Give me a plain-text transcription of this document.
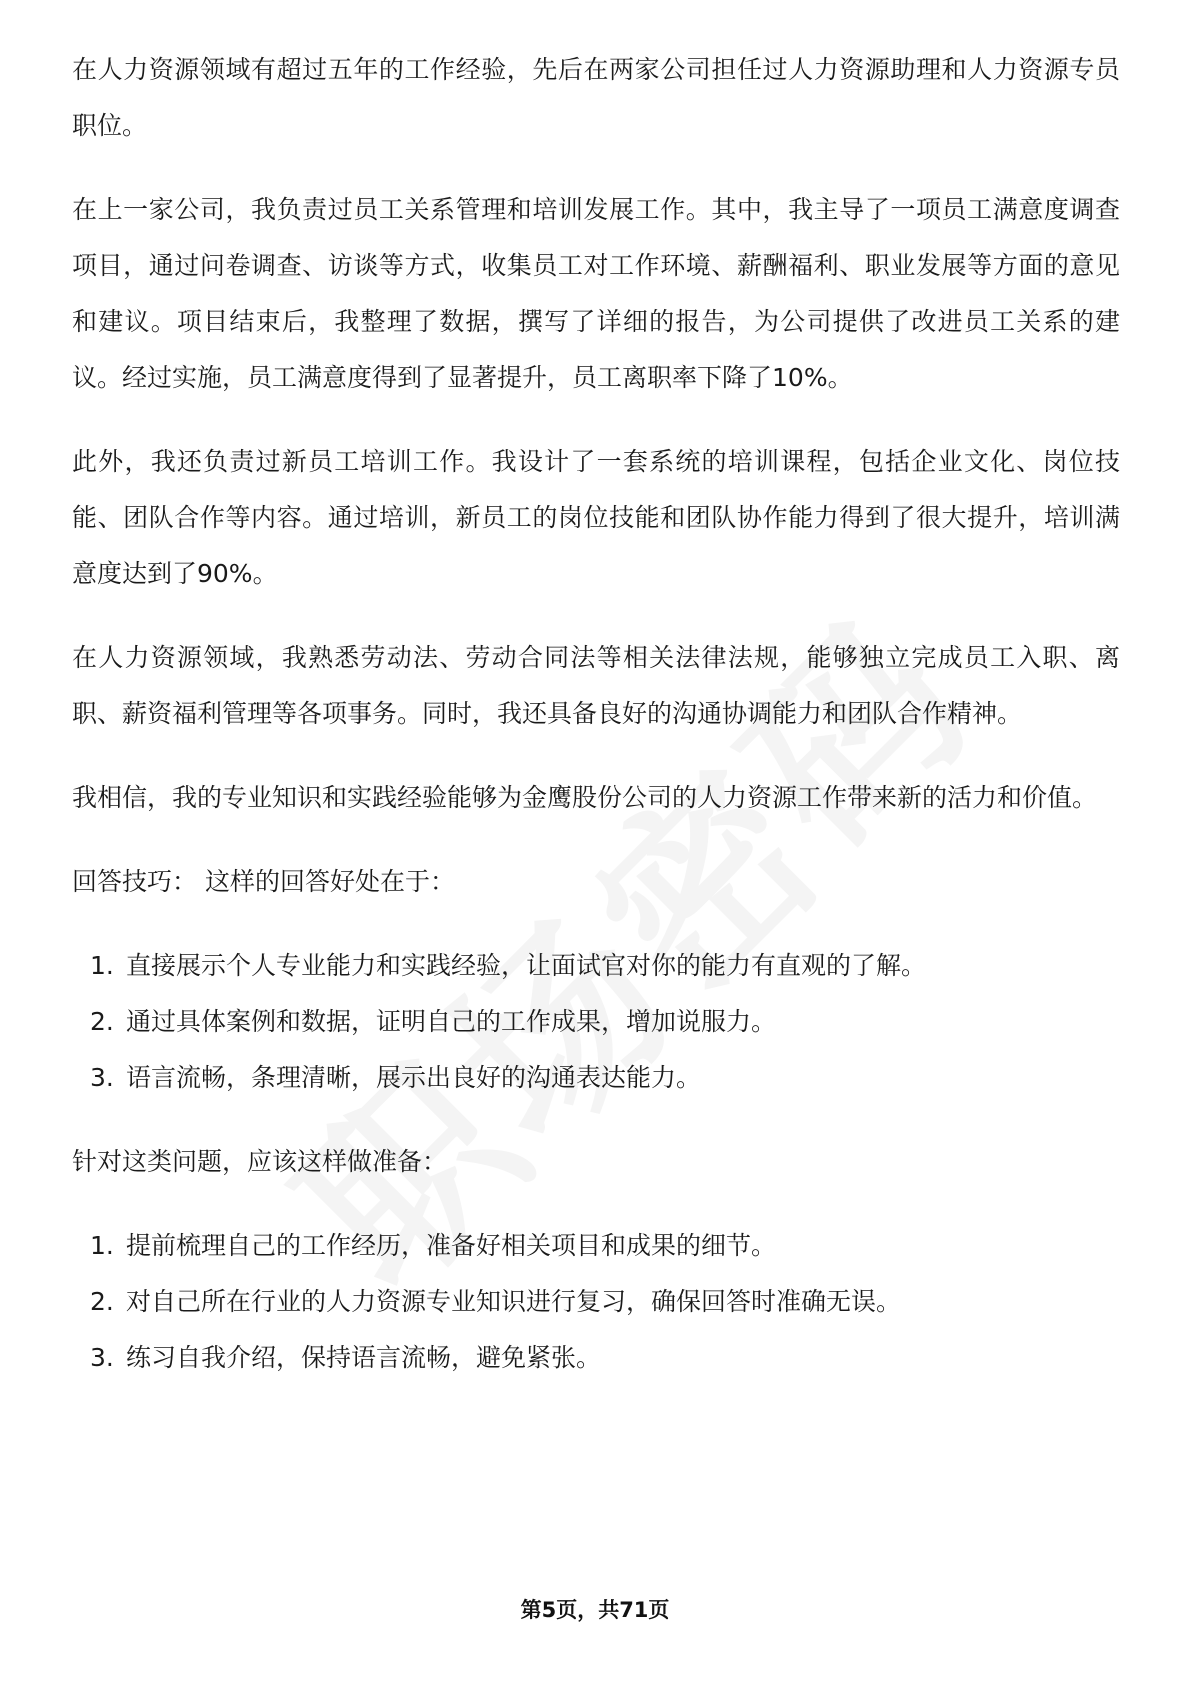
在人力资源领域有超过五年的工作经验，先后在两家公司担任过人力资源助理和人力资源专员职位。

在上一家公司，我负责过员工关系管理和培训发展工作。其中，我主导了一项员工满意度调查项目，通过问卷调查、访谈等方式，收集员工对工作环境、薪酬福利、职业发展等方面的意见和建议。项目结束后，我整理了数据，撰写了详细的报告，为公司提供了改进员工关系的建议。经过实施，员工满意度得到了显著提升，员工离职率下降了10%。

此外，我还负责过新员工培训工作。我设计了一套系统的培训课程，包括企业文化、岗位技能、团队合作等内容。通过培训，新员工的岗位技能和团队协作能力得到了很大提升，培训满意度达到了90%。

在人力资源领域，我熟悉劳动法、劳动合同法等相关法律法规，能够独立完成员工入职、离职、薪资福利管理等各项事务。同时，我还具备良好的沟通协调能力和团队合作精神。

我相信，我的专业知识和实践经验能够为金鹰股份公司的人力资源工作带来新的活力和价值。

回答技巧： 这样的回答好处在于：

1. 直接展示个人专业能力和实践经验，让面试官对你的能力有直观的了解。
2. 通过具体案例和数据，证明自己的工作成果，增加说服力。
3. 语言流畅，条理清晰，展示出良好的沟通表达能力。

针对这类问题，应该这样做准备：

1. 提前梳理自己的工作经历，准备好相关项目和成果的细节。
2. 对自己所在行业的人力资源专业知识进行复习，确保回答时准确无误。
3. 练习自我介绍，保持语言流畅，避免紧张。
第5页，共71页
